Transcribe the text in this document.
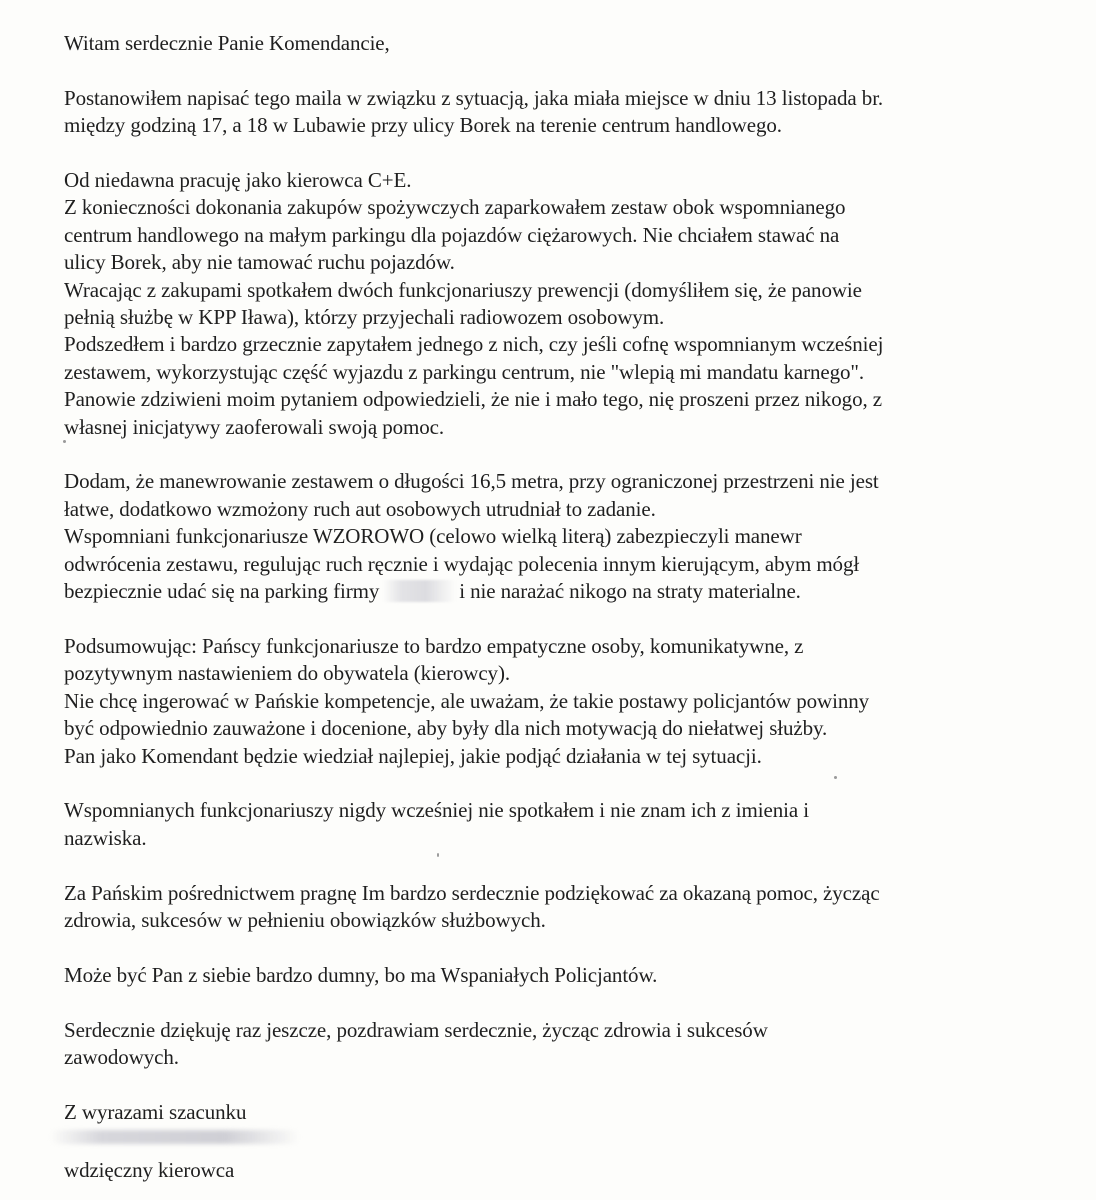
Witam serdecznie Panie Komendancie,

Postanowiłem napisać tego maila w związku z sytuacją, jaka miała miejsce w dniu 13 listopada br.
między godziną 17, a 18 w Lubawie przy ulicy Borek na terenie centrum handlowego.

Od niedawna pracuję jako kierowca C+E.
Z konieczności dokonania zakupów spożywczych zaparkowałem zestaw obok wspomnianego
centrum handlowego na małym parkingu dla pojazdów ciężarowych. Nie chciałem stawać na
ulicy Borek, aby nie tamować ruchu pojazdów.
Wracając z zakupami spotkałem dwóch funkcjonariuszy prewencji (domyśliłem się, że panowie
pełnią służbę w KPP Iława), którzy przyjechali radiowozem osobowym.
Podszedłem i bardzo grzecznie zapytałem jednego z nich, czy jeśli cofnę wspomnianym wcześniej
zestawem, wykorzystując część wyjazdu z parkingu centrum, nie "wlepią mi mandatu karnego".
Panowie zdziwieni moim pytaniem odpowiedzieli, że nie i mało tego, nię proszeni przez nikogo, z
własnej inicjatywy zaoferowali swoją pomoc.

Dodam, że manewrowanie zestawem o długości 16,5 metra, przy ograniczonej przestrzeni nie jest
łatwe, dodatkowo wzmożony ruch aut osobowych utrudniał to zadanie.
Wspomniani funkcjonariusze WZOROWO (celowo wielką literą) zabezpieczyli manewr
odwrócenia zestawu, regulując ruch ręcznie i wydając polecenia innym kierującym, abym mógł
bezpiecznie udać się na parking firmy	i nie narażać nikogo na straty materialne.

Podsumowując: Pańscy funkcjonariusze to bardzo empatyczne osoby, komunikatywne, z
pozytywnym nastawieniem do obywatela (kierowcy).
Nie chcę ingerować w Pańskie kompetencje, ale uważam, że takie postawy policjantów powinny
być odpowiednio zauważone i docenione, aby były dla nich motywacją do niełatwej służby.
Pan jako Komendant będzie wiedział najlepiej, jakie podjąć działania w tej sytuacji.

Wspomnianych funkcjonariuszy nigdy wcześniej nie spotkałem i nie znam ich z imienia i
nazwiska.

Za Pańskim pośrednictwem pragnę Im bardzo serdecznie podziękować za okazaną pomoc, życząc
zdrowia, sukcesów w pełnieniu obowiązków służbowych.

Może być Pan z siebie bardzo dumny, bo ma Wspaniałych Policjantów.

Serdecznie dziękuję raz jeszcze, pozdrawiam serdecznie, życząc zdrowia i sukcesów
zawodowych.

Z wyrazami szacunku

wdzięczny kierowca
